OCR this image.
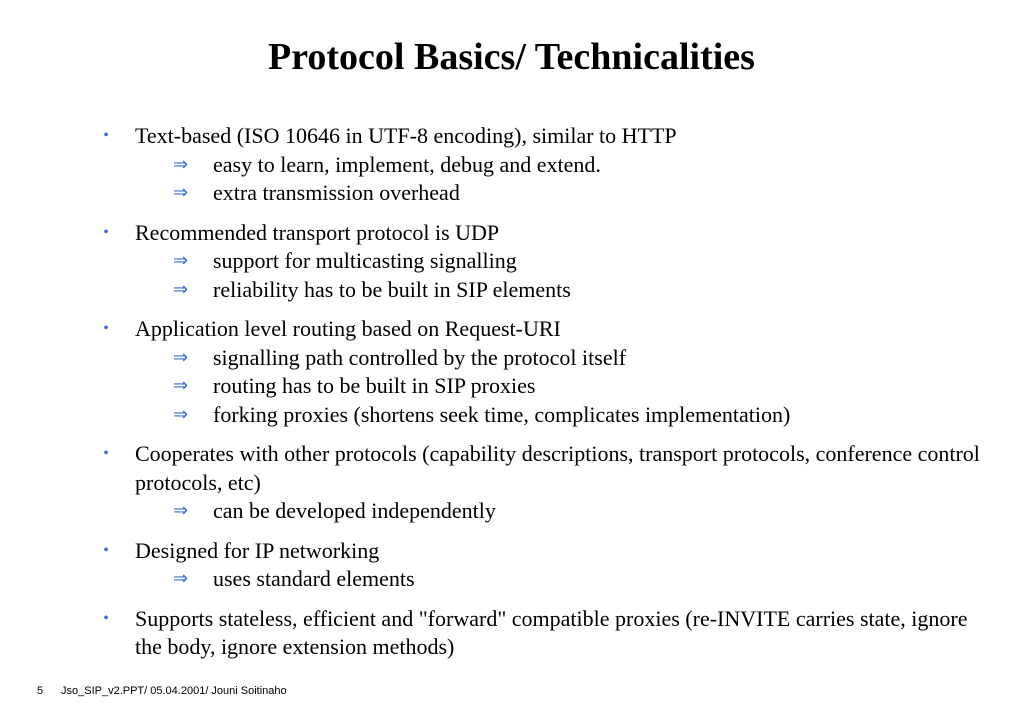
Protocol Basics/ Technicalities
•	Text-based (ISO 10646 in UTF-8 encoding), similar to HTTP
⇒	easy to learn, implement, debug and extend.
⇒	extra transmission overhead
•	Recommended transport protocol is UDP
⇒	support for multicasting signalling
⇒	reliability has to be built in SIP elements
•	Application level routing based on Request-URI
⇒	signalling path controlled by the protocol itself
⇒	routing has to be built in SIP proxies
⇒	forking proxies (shortens seek time, complicates implementation)
•	Cooperates with other protocols (capability descriptions, transport protocols, conference control protocols, etc)
⇒	can be developed independently
•	Designed for IP networking
⇒	uses standard elements
•	Supports stateless, efficient and "forward" compatible proxies (re-INVITE carries state, ignore the body, ignore extension methods)
5 Jso_SIP_v2.PPT/ 05.04.2001/ Jouni Soitinaho
